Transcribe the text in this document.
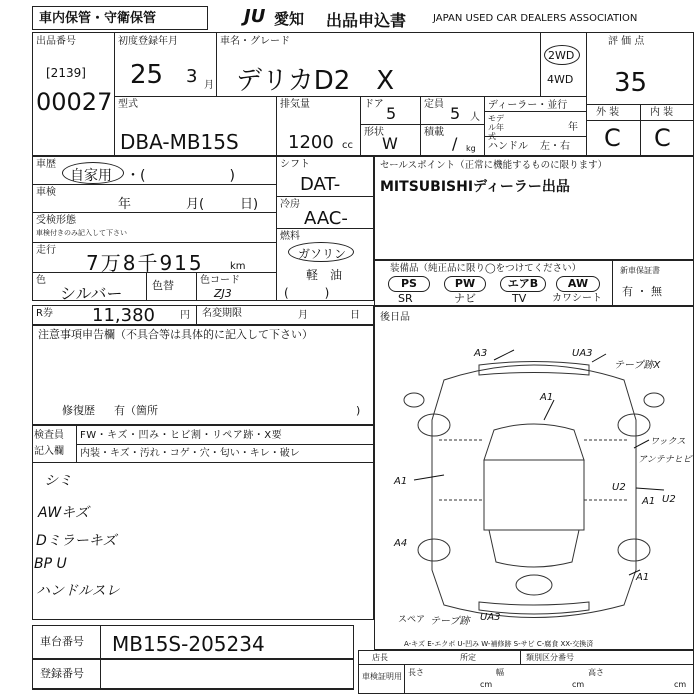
車内保管・守衛保管	JU 愛知 出品申込書	JAPAN USED CAR DEALERS ASSOCIATION
出品番号
[2139]
00027
初度登録年月
25 3 月
車名・グレード
デリカD2　X
2WD
4WD
評 価 点
35
型式
DBA-MB15S
排気量
1200 cc
ドア 5	定員 5 人
形状
W
積載
/ kg
ディーラー・並行
モデル年式
年
ハンドル 左・右
外 装	内 装
C C
車歴
自家用 ・(　　　　　　)
車検
年	月(	日)
受検形態
車検付きのみ記入して下さい
走行
7万8千915	km
色
シルバー	色替	色コード
ZJ3
シフト
DAT-
冷房
AAC-
燃料
ガソリン
軽　油
(　　　)
セールスポイント（正常に機能するものに限ります）
MITSUBISHIディーラー出品
装備品（純正品に限り◯をつけてください）
PS	PW	エアB	AW
SR	ナビ	TV	カワシート
新車保証書
有 ・ 無
R券 11,380	円 名変期限	月	日
注意事項申告欄（不具合等は具体的に記入して下さい）
修復歴 有（箇所	)
検査員
記入欄
FW・キズ・凹み・ヒビ割・リペア跡・X要
内装・キズ・汚れ・コゲ・穴・匂い・キレ・破レ
シミ
AWキズ
Dミラーキズ
BP U
ハンドルスレ
後日品
A3	UA3
テープ跡X
A1
A1
U2
A1
U2
A1
A4
ワックス
アンテナヒビ
スペア テープ跡 UA3
A-キズ E-エクボ U-凹み W-補修跡 S-サビ C-腐食 XX-交換済
車台番号 MB15S-205234
登録番号
店長	所定	類別区分番号
車検証明用 長さ
cm
幅
cm
高さ
cm
